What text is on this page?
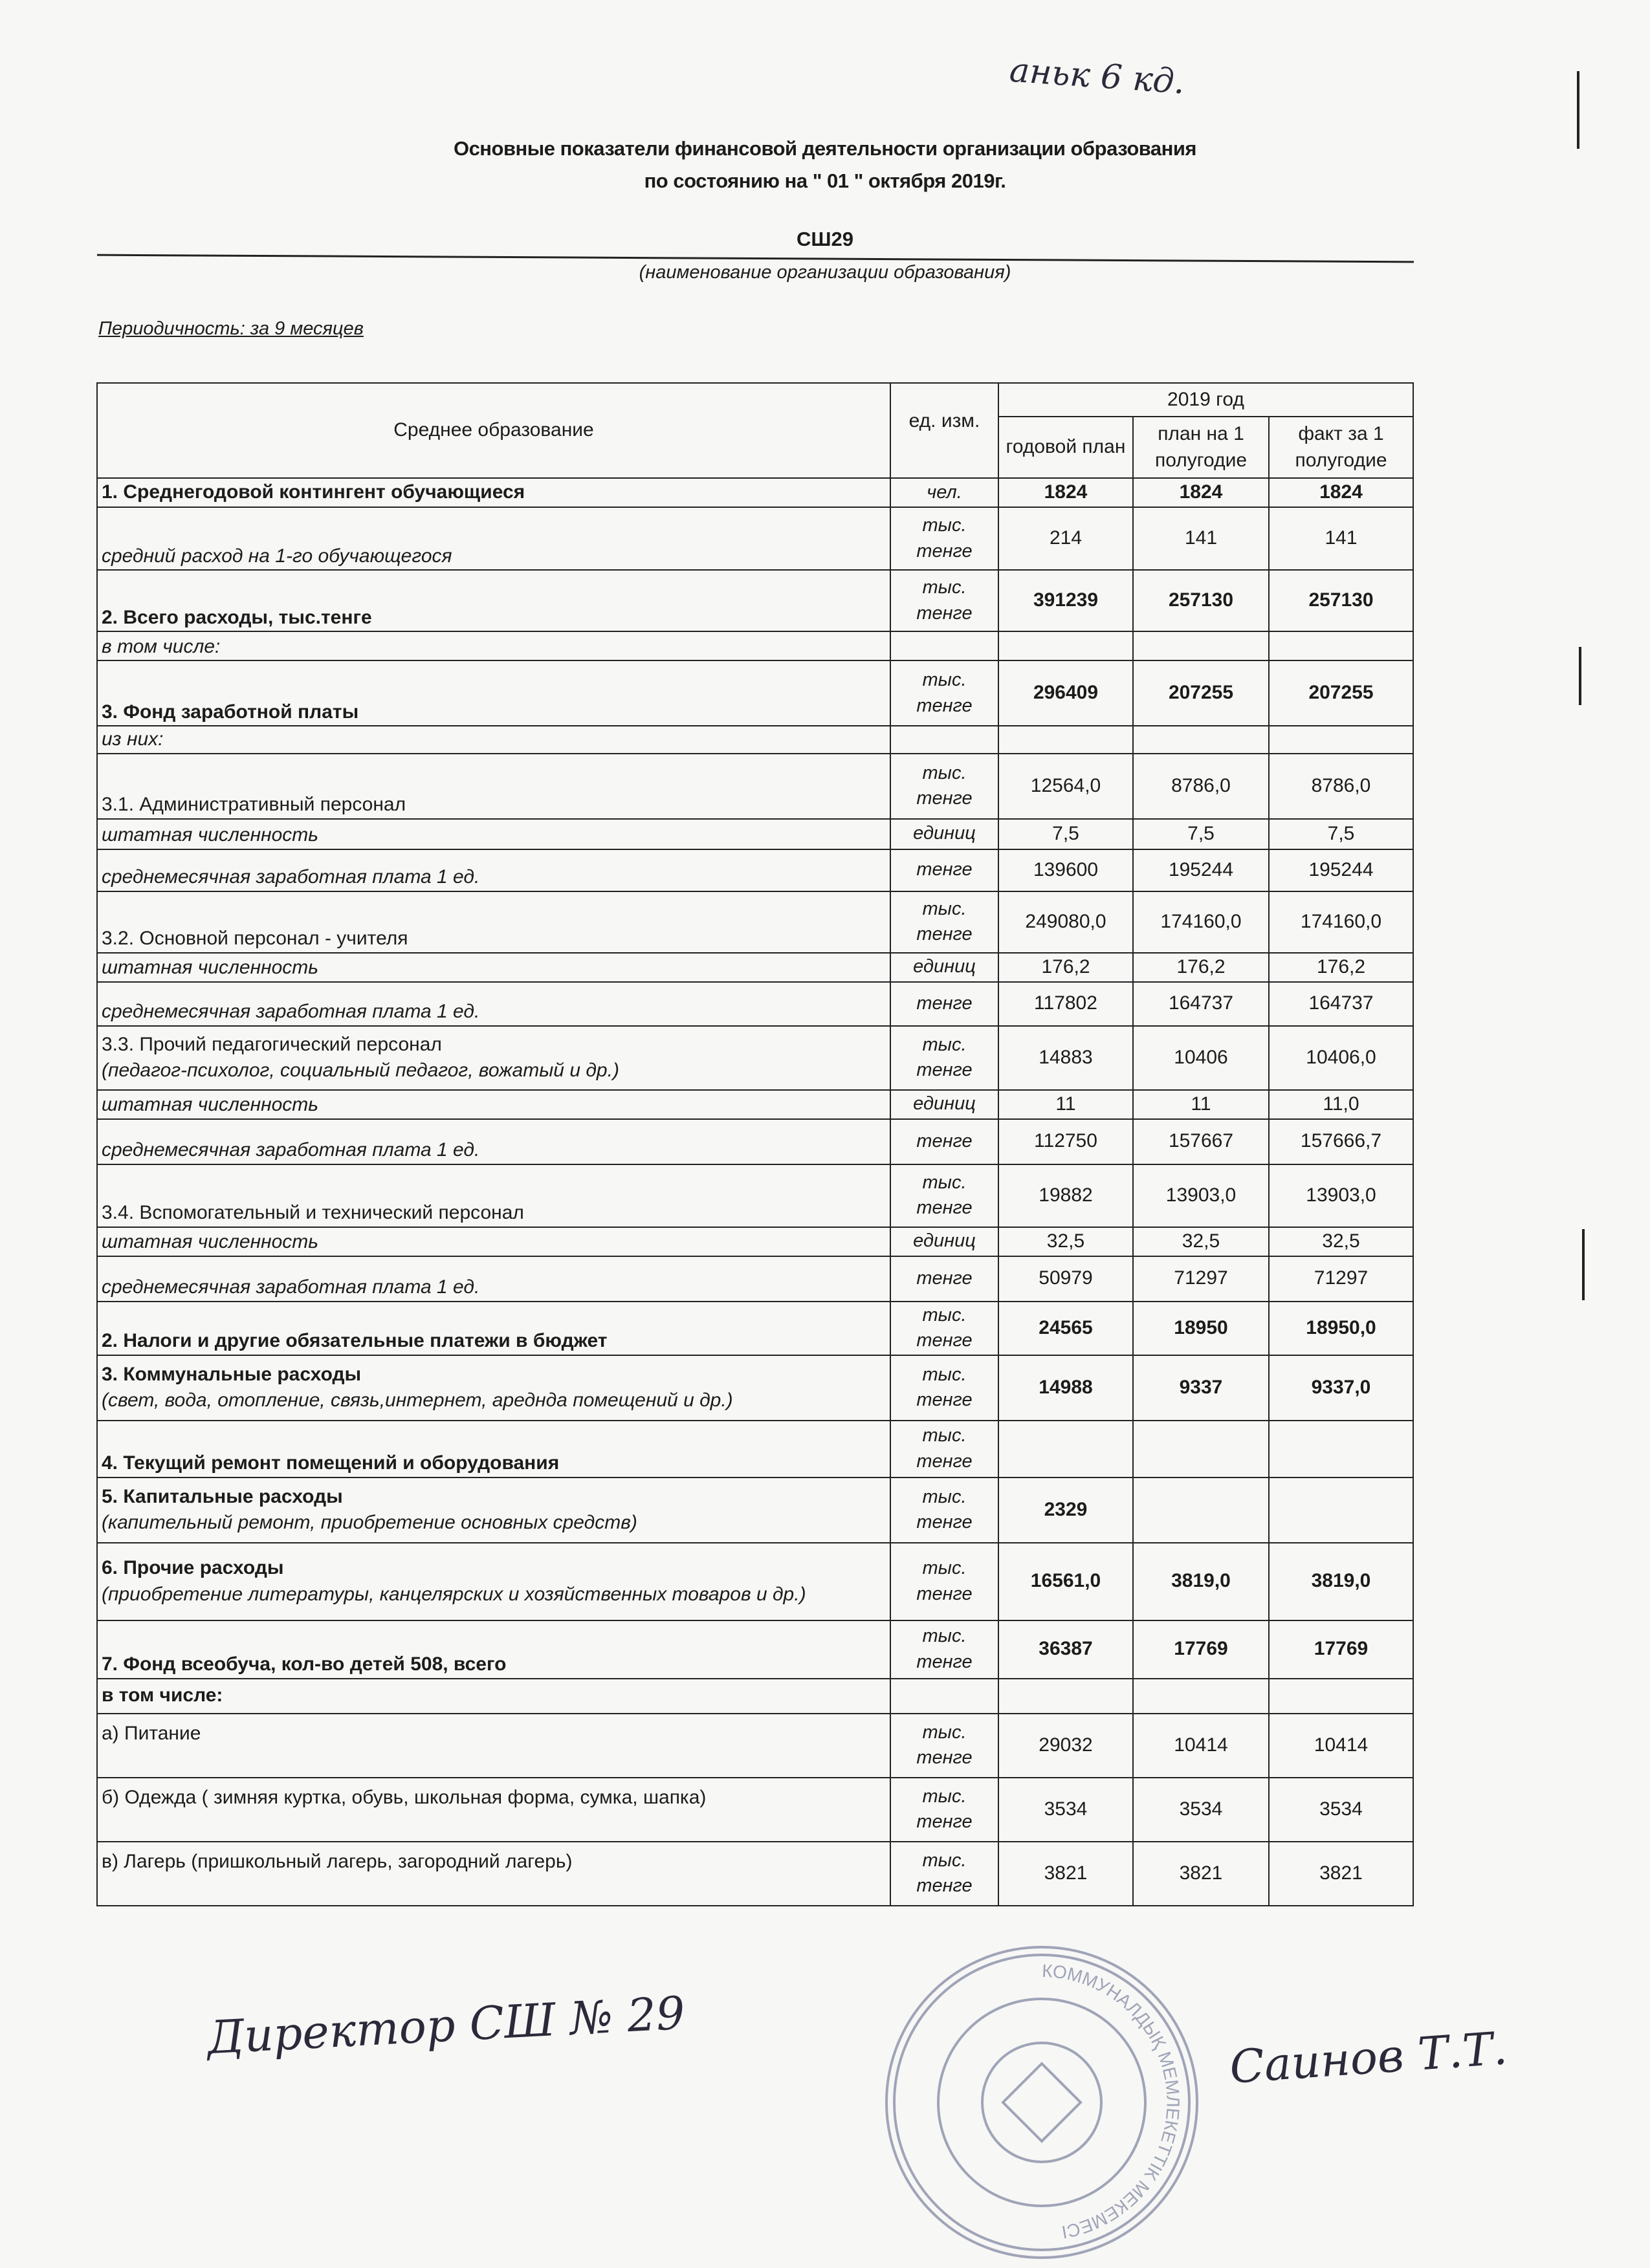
аньк 6 кд.
Основные показатели финансовой деятельности организации образования
по состоянию на " 01 " октября 2019г.
СШ29
(наименование организации образования)
Периодичность: за 9 месяцев
Среднее образование	ед. изм.	2019 год		
		годовой план	план на 1 полугодие	факт за 1 полугодие
1. Среднегодовой контингент обучающиеся	чел.	1824	1824	1824
средний расход на 1-го обучающегося	тыс. тенге	214	141	141
2. Всего расходы, тыс.тенге	тыс. тенге	391239	257130	257130
в том числе:				
3. Фонд заработной платы	тыс. тенге	296409	207255	207255
из них:				
3.1. Административный персонал	тыс. тенге	12564,0	8786,0	8786,0
штатная численность	единиц	7,5	7,5	7,5
среднемесячная заработная плата 1 ед.	тенге	139600	195244	195244
3.2. Основной персонал - учителя	тыс. тенге	249080,0	174160,0	174160,0
штатная численность	единиц	176,2	176,2	176,2
среднемесячная заработная плата 1 ед.	тенге	117802	164737	164737

3.3. Прочий педагогический персонал
(педагог-психолог, социальный педагог, вожатый и др.)	тыс. тенге	14883	10406	10406,0
штатная численность	единиц	11	11	11,0
среднемесячная заработная плата 1 ед.	тенге	112750	157667	157666,7
3.4. Вспомогательный и технический персонал	тыс. тенге	19882	13903,0	13903,0
штатная численность	единиц	32,5	32,5	32,5
среднемесячная заработная плата 1 ед.	тенге	50979	71297	71297
2. Налоги и другие обязательные платежи в бюджет	тыс. тенге	24565	18950	18950,0

3. Коммунальные расходы
(свет, вода, отопление, связь,интернет, ареднда помещений и др.)	тыс. тенге	14988	9337	9337,0
4. Текущий ремонт помещений и оборудования	тыс. тенге			

5. Капитальные расходы
(капительный ремонт, приобретение основных средств)	тыс. тенге	2329		

6. Прочие расходы
(приобретение литературы, канцелярских и хозяйственных товаров и др.)	тыс. тенге	16561,0	3819,0	3819,0
7. Фонд всеобуча, кол-во детей 508, всего	тыс. тенге	36387	17769	17769
в том числе:				
а) Питание	тыс. тенге	29032	10414	10414
б) Одежда ( зимняя куртка, обувь, школьная форма, сумка, шапка)	тыс. тенге	3534	3534	3534
в) Лагерь (пришкольный лагерь, загородний лагерь)	тыс. тенге	3821	3821	3821
КОММУНАЛДЫҚ МЕМЛЕКЕТТІК МЕКЕМЕСІ
Директор СШ № 29	Саинов Т.Т.
